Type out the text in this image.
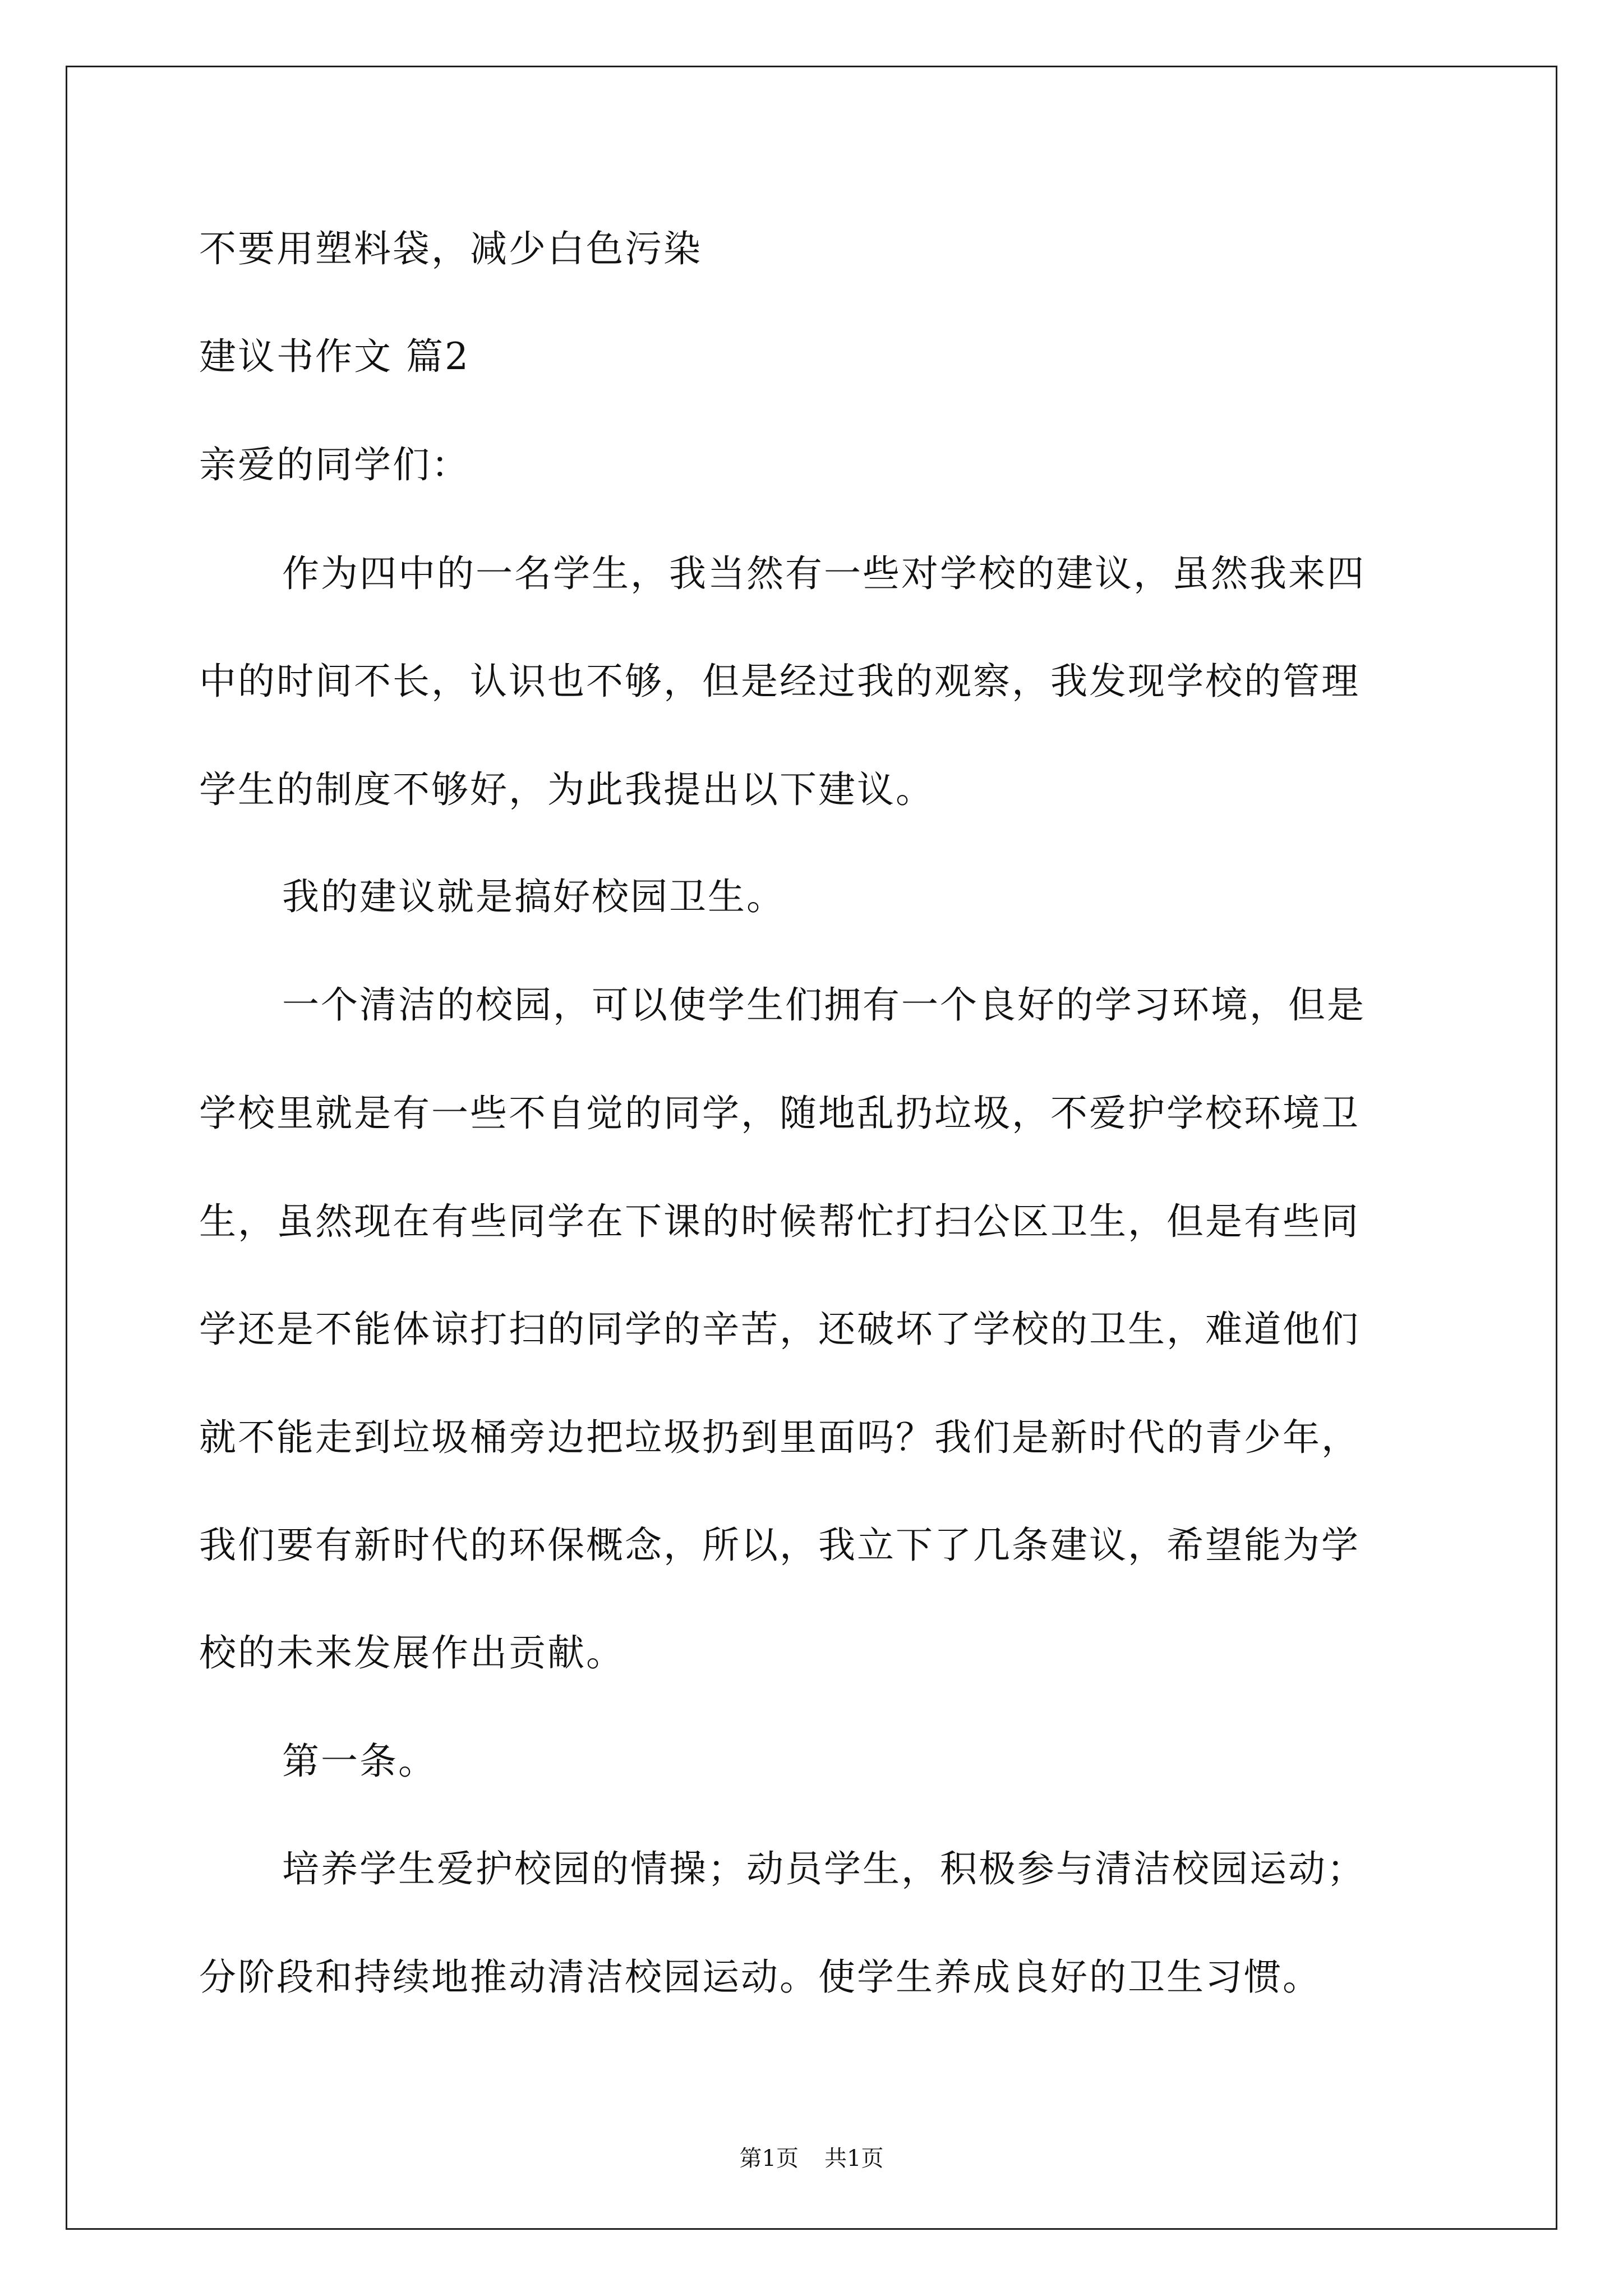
不要用塑料袋，减少白色污染
建议书作文 篇2
亲爱的同学们：
作为四中的一名学生，我当然有一些对学校的建议，虽然我来四
中的时间不长，认识也不够，但是经过我的观察，我发现学校的管理
学生的制度不够好，为此我提出以下建议。
我的建议就是搞好校园卫生。
一个清洁的校园，可以使学生们拥有一个良好的学习环境，但是
学校里就是有一些不自觉的同学，随地乱扔垃圾，不爱护学校环境卫
生，虽然现在有些同学在下课的时候帮忙打扫公区卫生，但是有些同
学还是不能体谅打扫的同学的辛苦，还破坏了学校的卫生，难道他们
就不能走到垃圾桶旁边把垃圾扔到里面吗？我们是新时代的青少年，
我们要有新时代的环保概念，所以，我立下了几条建议，希望能为学
校的未来发展作出贡献。
第一条。
培养学生爱护校园的情操；动员学生，积极参与清洁校园运动；
分阶段和持续地推动清洁校园运动。使学生养成良好的卫生习惯。
第1页 共1页
